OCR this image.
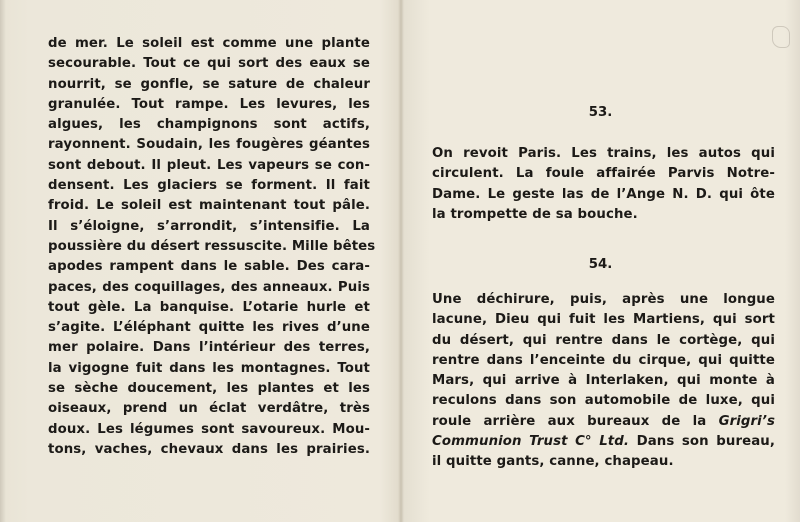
de mer. Le soleil est comme une plante
secourable. Tout ce qui sort des eaux se
nourrit, se gonfle, se sature de chaleur
granulée. Tout rampe. Les levures, les
algues, les champignons sont actifs,
rayonnent. Soudain, les fougères géantes
sont debout. Il pleut. Les vapeurs se con-
densent. Les glaciers se forment. Il fait
froid. Le soleil est maintenant tout pâle.
Il s’éloigne, s’arrondit, s’intensifie. La
poussière du désert ressuscite. Mille bêtes
apodes rampent dans le sable. Des cara-
paces, des coquillages, des anneaux. Puis
tout gèle. La banquise. L’otarie hurle et
s’agite. L’éléphant quitte les rives d’une
mer polaire. Dans l’intérieur des terres,
la vigogne fuit dans les montagnes. Tout
se sèche doucement, les plantes et les
oiseaux, prend un éclat verdâtre, très
doux. Les légumes sont savoureux. Mou-
tons, vaches, chevaux dans les prairies.
53.
On revoit Paris. Les trains, les autos qui
circulent. La foule affairée Parvis Notre-
Dame. Le geste las de l’Ange N. D. qui ôte
la trompette de sa bouche.
54.
Une déchirure, puis, après une longue
lacune, Dieu qui fuit les Martiens, qui sort
du désert, qui rentre dans le cortège, qui
rentre dans l’enceinte du cirque, qui quitte
Mars, qui arrive à Interlaken, qui monte à
reculons dans son automobile de luxe, qui
roule arrière aux bureaux de la Grigri’s
Communion Trust C° Ltd. Dans son bureau,
il quitte gants, canne, chapeau.
